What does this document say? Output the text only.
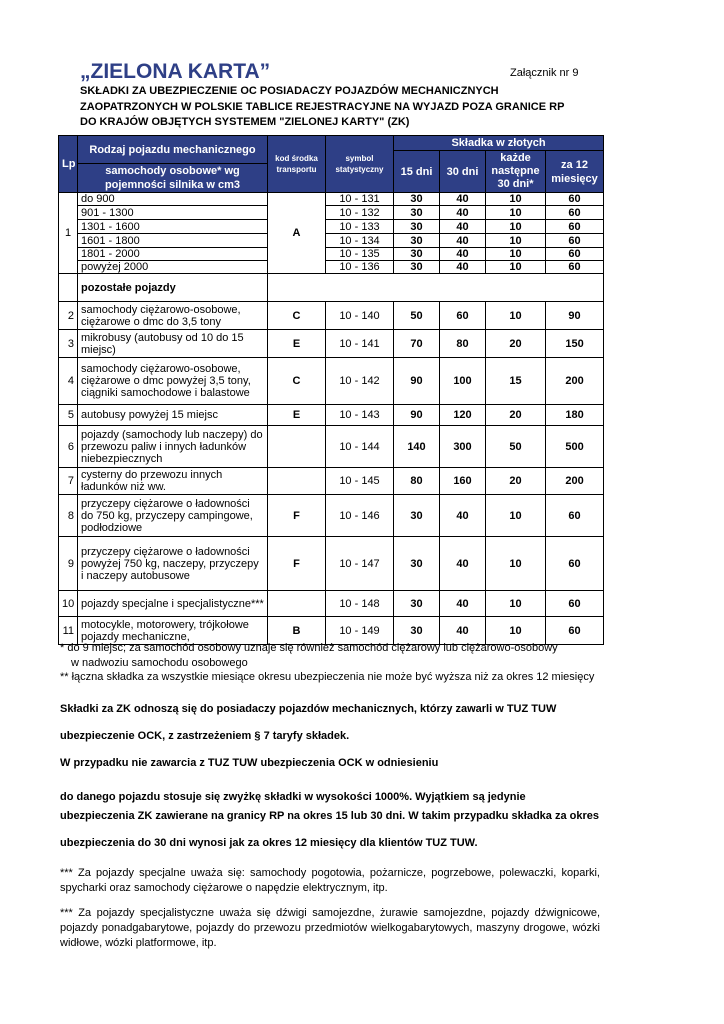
„ZIELONA KARTA”	Załącznik nr 9
SKŁADKI ZA UBEZPIECZENIE OC POSIADACZY POJAZDÓW MECHANICZNYCH
ZAOPATRZONYCH W POLSKIE TABLICE REJESTRACYJNE NA WYJAZD POZA GRANICE RP
DO KRAJÓW OBJĘTYCH SYSTEMEM "ZIELONEJ KARTY" (ZK)
Lp	Rodzaj pojazdu mechanicznego	kod środka transportu	symbol statystyczny	Składka w złotych			
				15 dni	30 dni	każde następne 30 dni*	za 12 miesięcy
	samochody osobowe* wg pojemności silnika w cm3						
1	do 900	A	10 - 131	30	40	10	60
	901 - 1300		10 - 132	30	40	10	60
	1301 - 1600		10 - 133	30	40	10	60
	1601 - 1800		10 - 134	30	40	10	60
	1801 - 2000		10 - 135	30	40	10	60
	powyżej 2000		10 - 136	30	40	10	60
	pozostałe pojazdy						
2	samochody ciężarowo-osobowe, ciężarowe o dmc do 3,5 tony	C	10 - 140	50	60	10	90
3	mikrobusy (autobusy od 10 do 15 miejsc)	E	10 - 141	70	80	20	150
4	samochody ciężarowo-osobowe, ciężarowe o dmc powyżej 3,5 tony, ciągniki samochodowe i balastowe	C	10 - 142	90	100	15	200
5	autobusy powyżej 15 miejsc	E	10 - 143	90	120	20	180
6	pojazdy (samochody lub naczepy) do przewozu paliw i innych ładunków niebezpiecznych		10 - 144	140	300	50	500
7	cysterny do przewozu innych ładunków niż ww.		10 - 145	80	160	20	200
8	przyczepy ciężarowe o ładowności do 750 kg, przyczepy campingowe, podłodziowe	F	10 - 146	30	40	10	60
9	przyczepy ciężarowe o ładowności powyżej 750 kg, naczepy, przyczepy i naczepy autobusowe	F	10 - 147	30	40	10	60
10	pojazdy specjalne i specjalistyczne***		10 - 148	30	40	10	60
11	motocykle, motorowery, trójkołowe pojazdy mechaniczne,	B	10 - 149	30	40	10	60
* do 9 miejsc; za samochód osobowy uznaje się również samochód ciężarowy lub ciężarowo-osobowy
w nadwoziu samochodu osobowego
** łączna składka za wszystkie miesiące okresu ubezpieczenia nie może być wyższa niż za okres 12 miesięcy
Składki za ZK odnoszą się do posiadaczy pojazdów mechanicznych, którzy zawarli w TUZ TUW
ubezpieczenie OCK, z zastrzeżeniem § 7 taryfy składek.
W przypadku nie zawarcia z TUZ TUW ubezpieczenia OCK w odniesieniu
do danego pojazdu stosuje się zwyżkę składki w wysokości 1000%. Wyjątkiem są jedynie
ubezpieczenia ZK zawierane na granicy RP na okres 15 lub 30 dni. W takim przypadku składka za okres
ubezpieczenia do 30 dni wynosi jak za okres 12 miesięcy dla klientów TUZ TUW.
*** Za pojazdy specjalne uważa się: samochody pogotowia, pożarnicze, pogrzebowe, polewaczki, koparki, spycharki oraz samochody ciężarowe o napędzie elektrycznym, itp.
*** Za pojazdy specjalistyczne uważa się dźwigi samojezdne, żurawie samojezdne, pojazdy dźwignicowe, pojazdy ponadgabarytowe, pojazdy do przewozu przedmiotów wielkogabarytowych, maszyny drogowe, wózki widłowe, wózki platformowe, itp.
